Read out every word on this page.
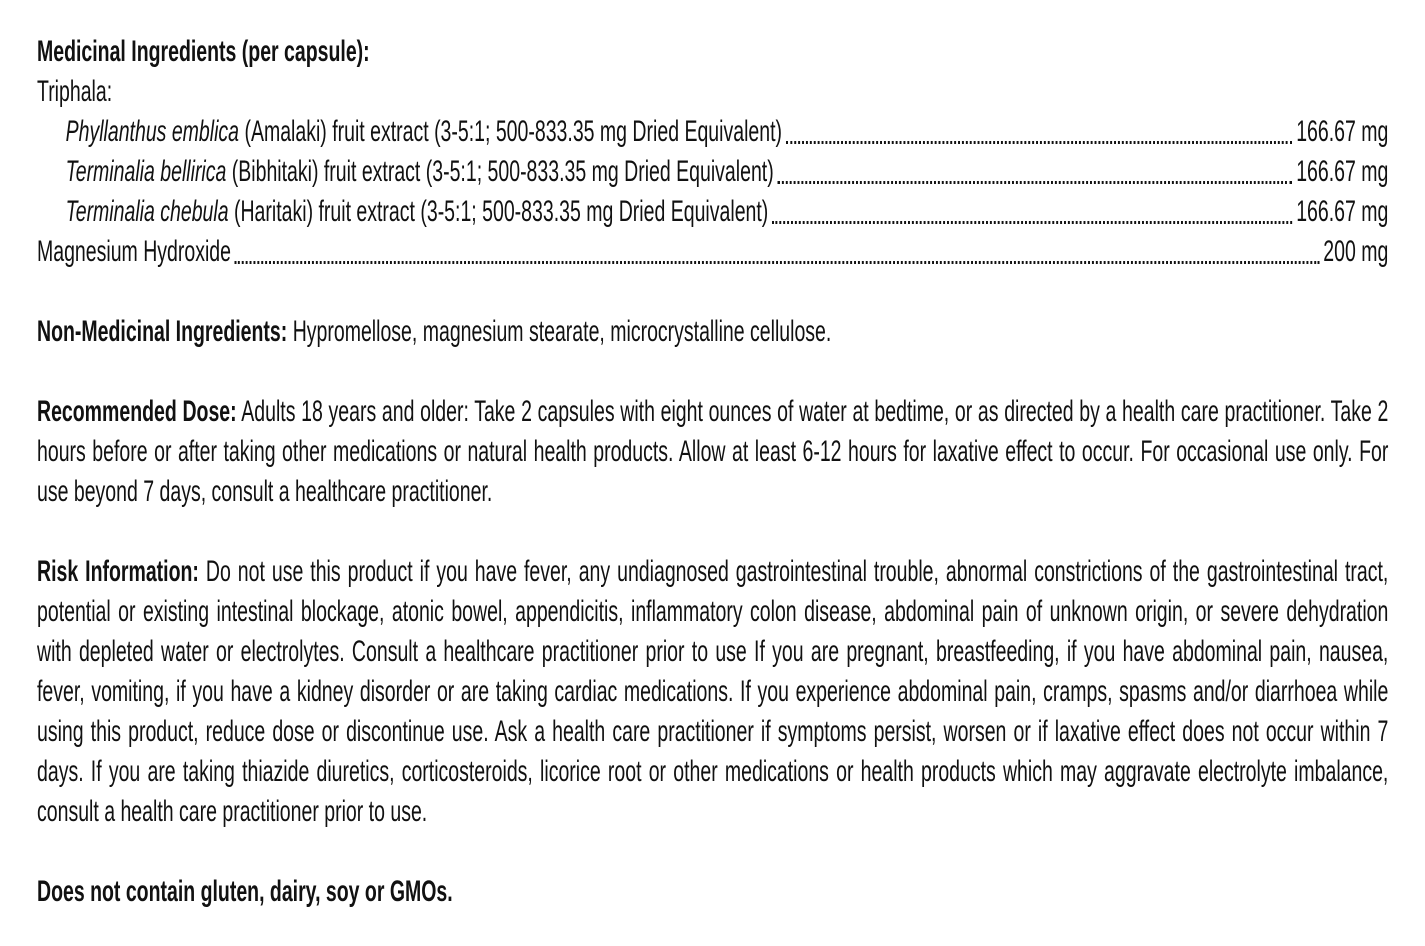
Medicinal Ingredients (per capsule):
Triphala:
Phyllanthus emblica (Amalaki) fruit extract (3-5:1; 500-833.35 mg Dried Equivalent)	166.67 mg
Terminalia bellirica (Bibhitaki) fruit extract (3-5:1; 500-833.35 mg Dried Equivalent)	166.67 mg
Terminalia chebula (Haritaki) fruit extract (3-5:1; 500-833.35 mg Dried Equivalent)	166.67 mg
Magnesium Hydroxide	200 mg

Non-Medicinal Ingredients: Hypromellose, magnesium stearate, microcrystalline cellulose.

Recommended Dose: Adults 18 years and older: Take 2 capsules with eight ounces of water at bedtime, or as directed by a health care practitioner. Take 2 hours before or after taking other medications or natural health products. Allow at least 6-12 hours for laxative effect to occur. For occasional use only. For use beyond 7 days, consult a healthcare practitioner.

Risk Information: Do not use this product if you have fever, any undiagnosed gastrointestinal trouble, abnormal constrictions of the gastrointestinal tract, potential or existing intestinal blockage, atonic bowel, appendicitis, inflammatory colon disease, abdominal pain of unknown origin, or severe dehydration with depleted water or electrolytes. Consult a healthcare practitioner prior to use If you are pregnant, breastfeeding, if you have abdominal pain, nausea, fever, vomiting, if you have a kidney disorder or are taking cardiac medications. If you experience abdominal pain, cramps, spasms and/or diarrhoea while using this product, reduce dose or discontinue use. Ask a health care practitioner if symptoms persist, worsen or if laxative effect does not occur within 7 days. If you are taking thiazide diuretics, corticosteroids, licorice root or other medications or health products which may aggravate electrolyte imbalance, consult a health care practitioner prior to use.

Does not contain gluten, dairy, soy or GMOs.
